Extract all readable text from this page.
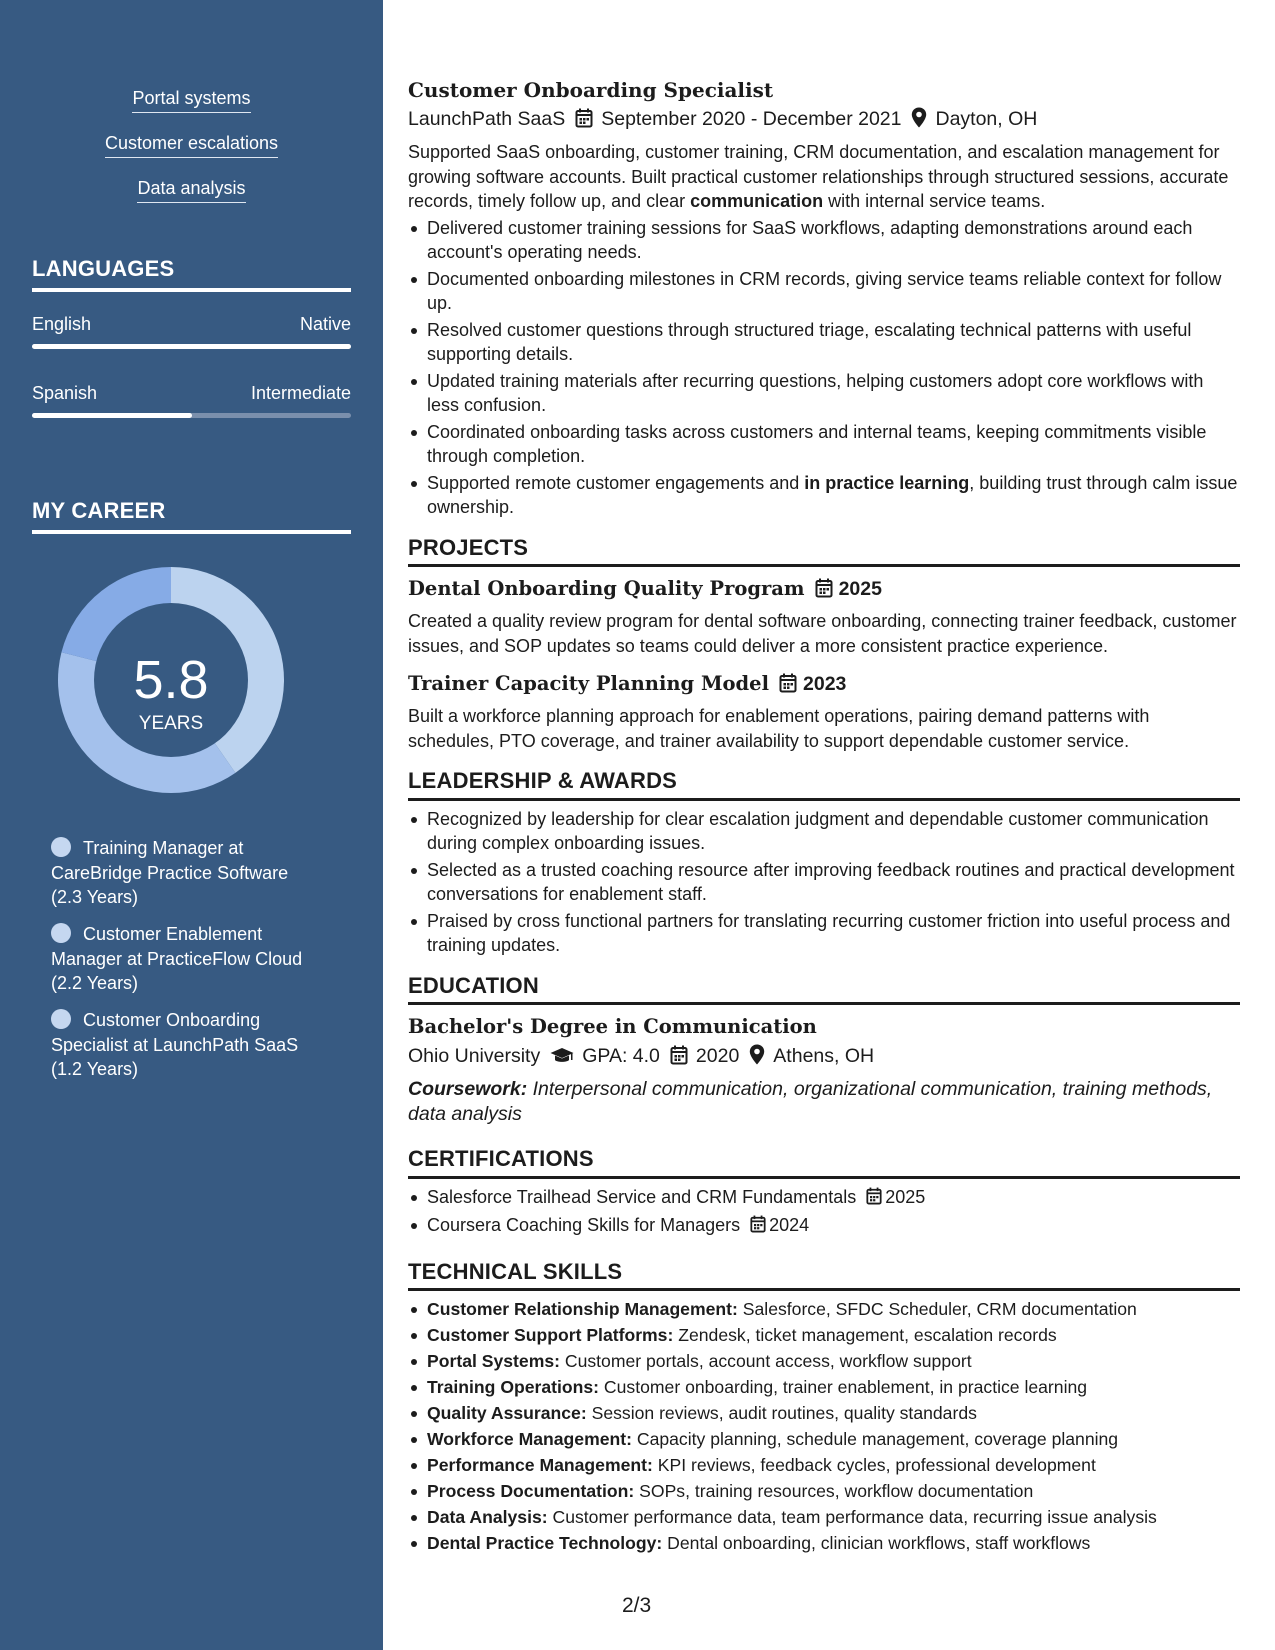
Portal systems
Customer escalations
Data analysis
LANGUAGES
English	Native
Spanish	Intermediate
MY CAREER
5.8
YEARS
Training Manager at CareBridge Practice Software (2.3 Years)
Customer Enablement Manager at PracticeFlow Cloud (2.2 Years)
Customer Onboarding Specialist at LaunchPath SaaS (1.2 Years)
Customer Onboarding Specialist
LaunchPath SaaS September 2020 - December 2021 Dayton, OH
Supported SaaS onboarding, customer training, CRM documentation, and escalation management for growing software accounts. Built practical customer relationships through structured sessions, accurate records, timely follow up, and clear communication with internal service teams.
Delivered customer training sessions for SaaS workflows, adapting demonstrations around each account's operating needs.
Documented onboarding milestones in CRM records, giving service teams reliable context for follow up.
Resolved customer questions through structured triage, escalating technical patterns with useful supporting details.
Updated training materials after recurring questions, helping customers adopt core workflows with less confusion.
Coordinated onboarding tasks across customers and internal teams, keeping commitments visible through completion.
Supported remote customer engagements and in practice learning, building trust through calm issue ownership.
PROJECTS
Dental Onboarding Quality Program 2025
Created a quality review program for dental software onboarding, connecting trainer feedback, customer issues, and SOP updates so teams could deliver a more consistent practice experience.
Trainer Capacity Planning Model 2023
Built a workforce planning approach for enablement operations, pairing demand patterns with schedules, PTO coverage, and trainer availability to support dependable customer service.
LEADERSHIP & AWARDS
Recognized by leadership for clear escalation judgment and dependable customer communication during complex onboarding issues.
Selected as a trusted coaching resource after improving feedback routines and practical development conversations for enablement staff.
Praised by cross functional partners for translating recurring customer friction into useful process and training updates.
EDUCATION
Bachelor's Degree in Communication
Ohio University GPA: 4.0 2020 Athens, OH
Coursework: Interpersonal communication, organizational communication, training methods, data analysis
CERTIFICATIONS
Salesforce Trailhead Service and CRM Fundamentals 2025
Coursera Coaching Skills for Managers 2024
TECHNICAL SKILLS
Customer Relationship Management: Salesforce, SFDC Scheduler, CRM documentation
Customer Support Platforms: Zendesk, ticket management, escalation records
Portal Systems: Customer portals, account access, workflow support
Training Operations: Customer onboarding, trainer enablement, in practice learning
Quality Assurance: Session reviews, audit routines, quality standards
Workforce Management: Capacity planning, schedule management, coverage planning
Performance Management: KPI reviews, feedback cycles, professional development
Process Documentation: SOPs, training resources, workflow documentation
Data Analysis: Customer performance data, team performance data, recurring issue analysis
Dental Practice Technology: Dental onboarding, clinician workflows, staff workflows
2/3
